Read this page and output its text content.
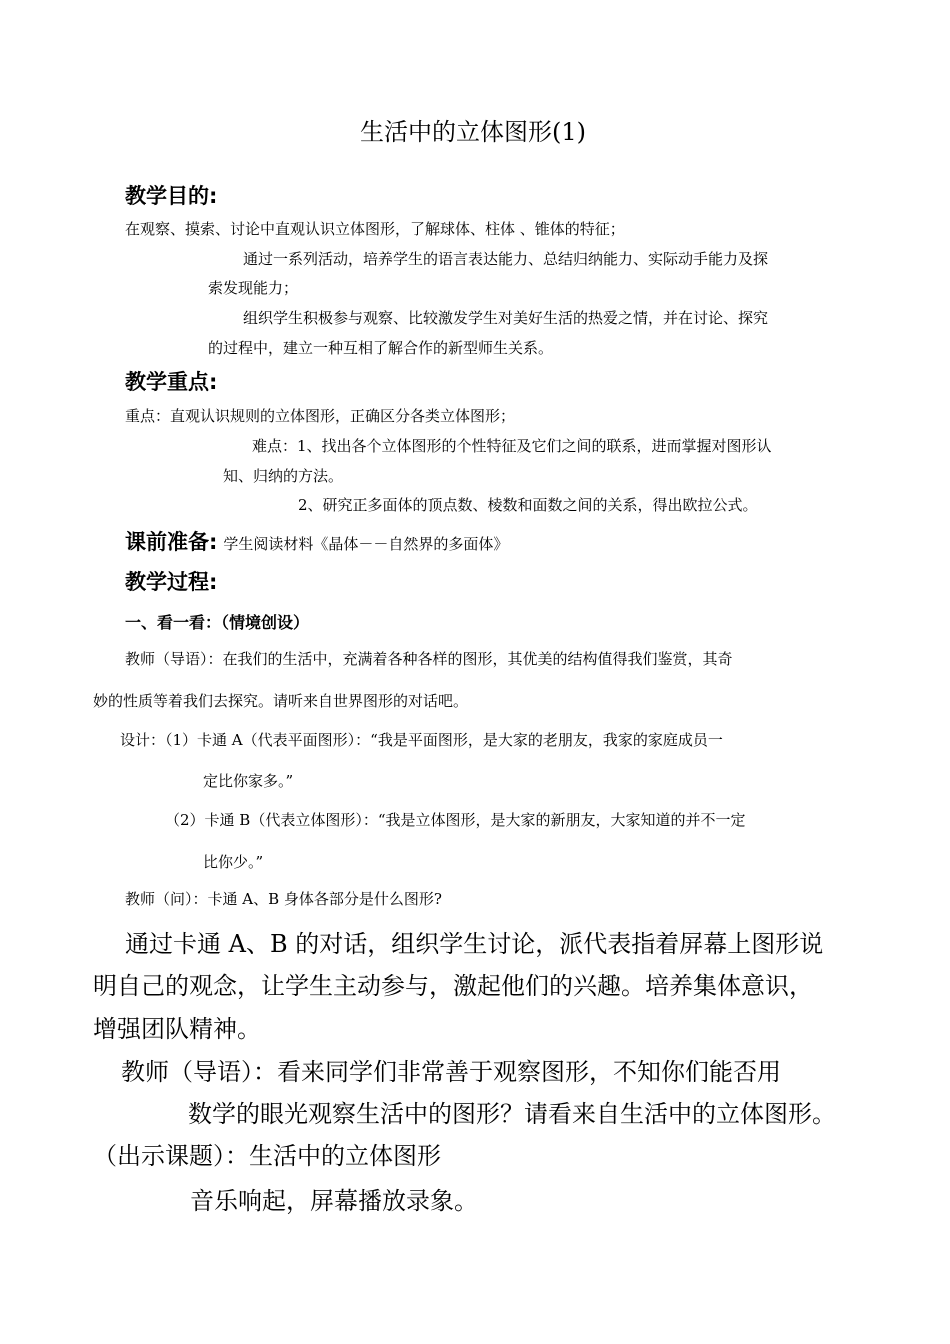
生活中的立体图形(1)
教学目的:
在观察、摸索、讨论中直观认识立体图形，了解球体、柱体 、锥体的特征；
通过一系列活动，培养学生的语言表达能力、总结归纳能力、实际动手能力及探
索发现能力；
组织学生积极参与观察、比较激发学生对美好生活的热爱之情，并在讨论、探究
的过程中，建立一种互相了解合作的新型师生关系。
教学重点:
重点：直观认识规则的立体图形，正确区分各类立体图形；
难点：1、找出各个立体图形的个性特征及它们之间的联系，进而掌握对图形认
知、归纳的方法。
2、研究正多面体的顶点数、棱数和面数之间的关系，得出欧拉公式。
课前准备: 学生阅读材料《晶体－－自然界的多面体》
教学过程:
一、看一看：（情境创设）
教师（导语）：在我们的生活中，充满着各种各样的图形，其优美的结构值得我们鉴赏，其奇
妙的性质等着我们去探究。请听来自世界图形的对话吧。
设计：（1）卡通 A（代表平面图形）：“我是平面图形，是大家的老朋友，我家的家庭成员一
定比你家多。”
（2）卡通 B（代表立体图形）：“我是立体图形，是大家的新朋友，大家知道的并不一定
比你少。”
教师（问）：卡通 A、B 身体各部分是什么图形?
通过卡通 A、B 的对话，组织学生讨论，派代表指着屏幕上图形说
明自己的观念，让学生主动参与，激起他们的兴趣。培养集体意识，
增强团队精神。
教师（导语）：看来同学们非常善于观察图形，不知你们能否用
数学的眼光观察生活中的图形？请看来自生活中的立体图形。
（出示课题）：生活中的立体图形
音乐响起，屏幕播放录象。
